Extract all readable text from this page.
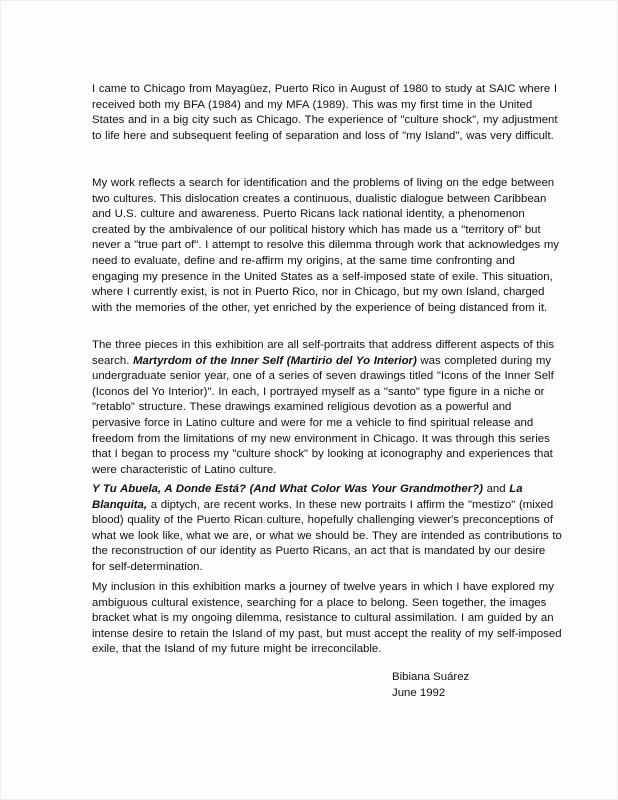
I came to Chicago from Mayagüez, Puerto Rico in August of 1980 to study at SAIC where I received both my BFA (1984) and my MFA (1989). This was my first time in the United States and in a big city such as Chicago. The experience of "culture shock", my adjustment to life here and subsequent feeling of separation and loss of "my Island", was very difficult.

My work reflects a search for identification and the problems of living on the edge between two cultures. This dislocation creates a continuous, dualistic dialogue between Caribbean and U.S. culture and awareness. Puerto Ricans lack national identity, a phenomenon created by the ambivalence of our political history which has made us a "territory of" but never a "true part of". I attempt to resolve this dilemma through work that acknowledges my need to evaluate, define and re-affirm my origins, at the same time confronting and engaging my presence in the United States as a self-imposed state of exile. This situation, where I currently exist, is not in Puerto Rico, nor in Chicago, but my own Island, charged with the memories of the other, yet enriched by the experience of being distanced from it.

The three pieces in this exhibition are all self-portraits that address different aspects of this search. Martyrdom of the Inner Self (Martirio del Yo Interior) was completed during my undergraduate senior year, one of a series of seven drawings titled "Icons of the Inner Self (Iconos del Yo Interior)". In each, I portrayed myself as a "santo" type figure in a niche or "retablo" structure. These drawings examined religious devotion as a powerful and pervasive force in Latino culture and were for me a vehicle to find spiritual release and freedom from the limitations of my new environment in Chicago. It was through this series that I began to process my "culture shock" by looking at iconography and experiences that were characteristic of Latino culture.

Y Tu Abuela, A Donde Está? (And What Color Was Your Grandmother?) and La Blanquita, a diptych, are recent works. In these new portraits I affirm the "mestizo" (mixed blood) quality of the Puerto Rican culture, hopefully challenging viewer's preconceptions of what we look like, what we are, or what we should be. They are intended as contributions to the reconstruction of our identity as Puerto Ricans, an act that is mandated by our desire for self-determination.

My inclusion in this exhibition marks a journey of twelve years in which I have explored my ambiguous cultural existence, searching for a place to belong. Seen together, the images bracket what is my ongoing dilemma, resistance to cultural assimilation. I am guided by an intense desire to retain the Island of my past, but must accept the reality of my self-imposed exile, that the Island of my future might be irreconcilable.

Bibiana Suárez
June 1992
